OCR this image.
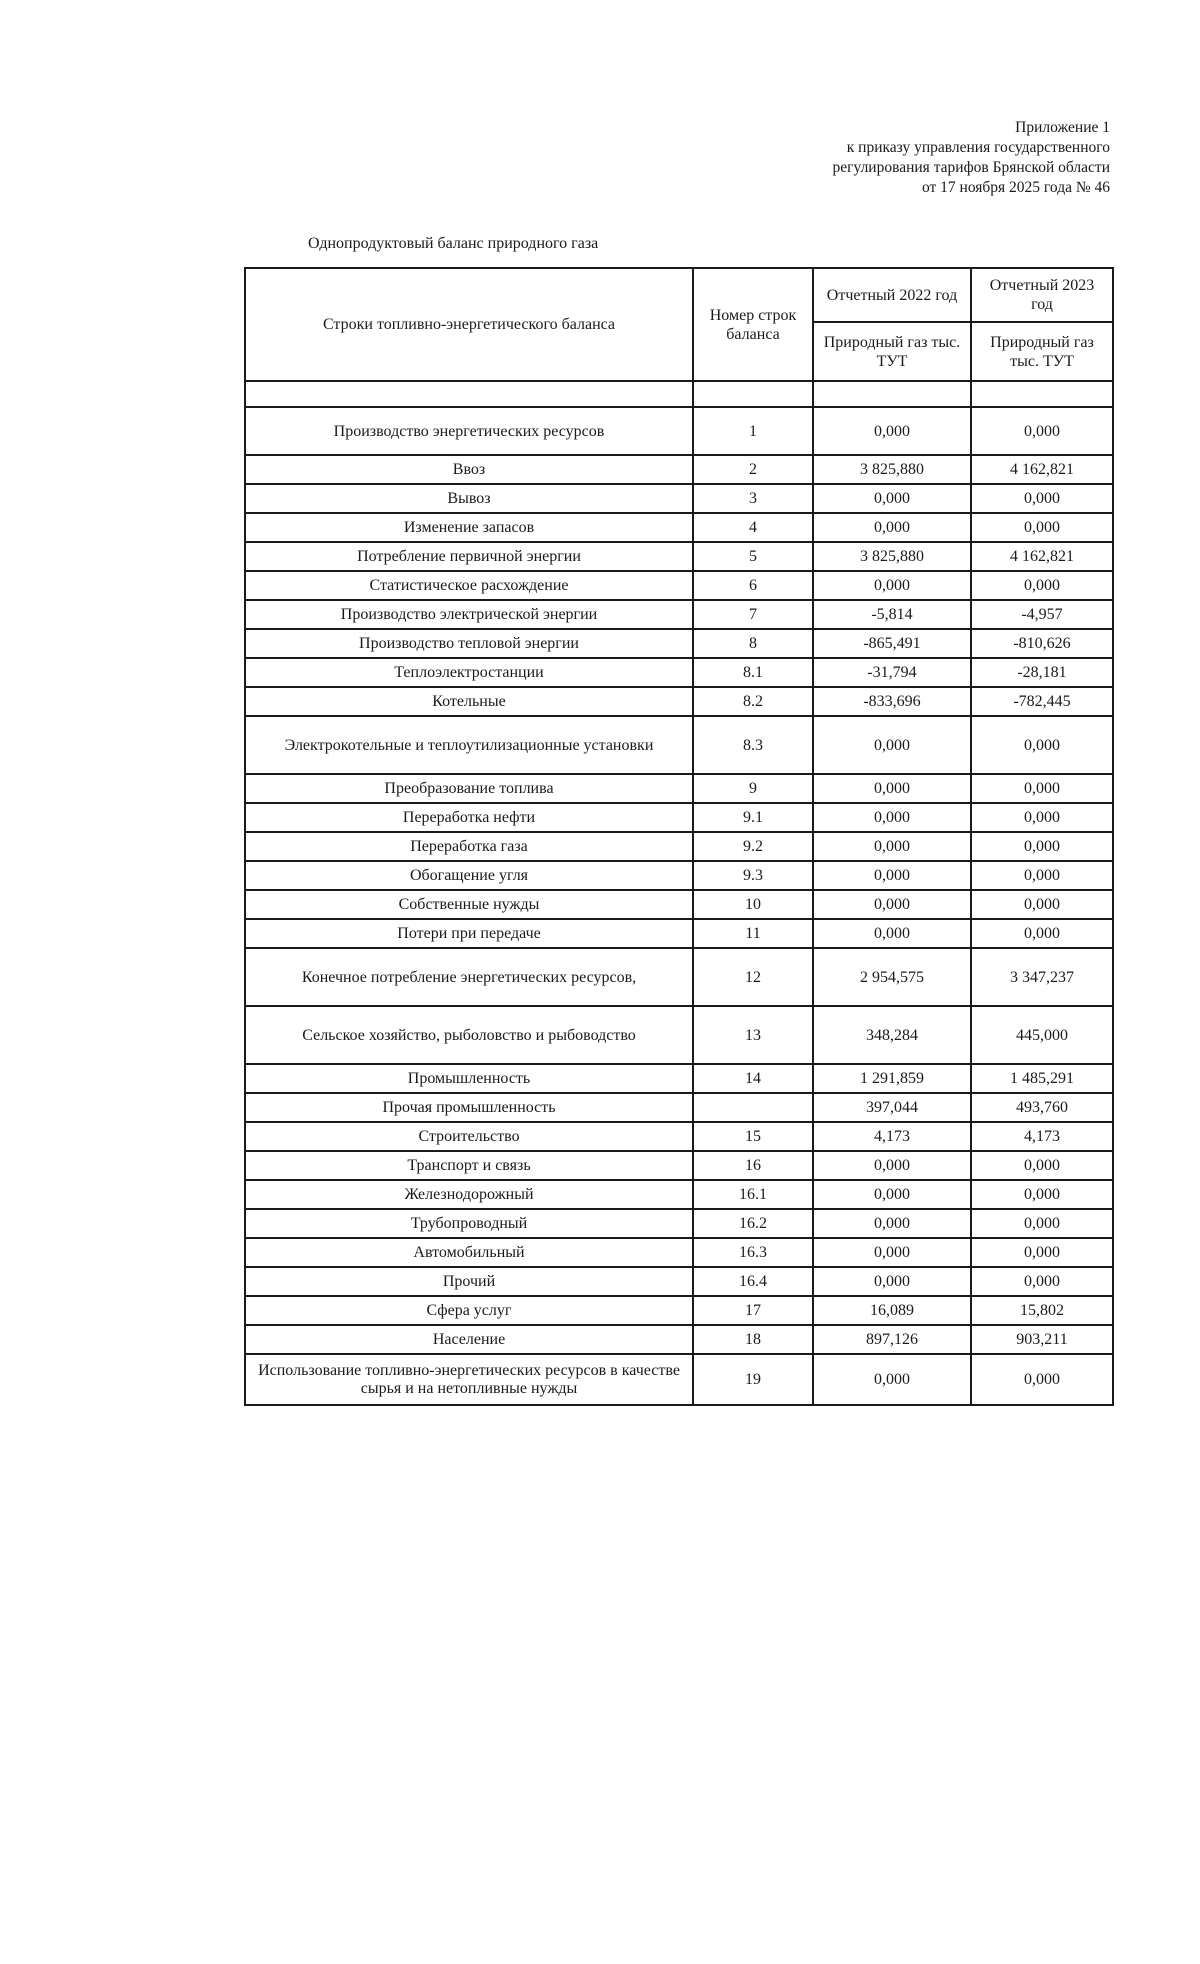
Приложение 1
к приказу управления государственного
регулирования тарифов Брянской области
от 17 ноября 2025 года № 46
Однопродуктовый баланс природного газа
Строки топливно-энергетического баланса	Номер строк баланса	Отчетный 2022 год	Отчетный 2023 год
		Природный газ тыс. ТУТ	Природный газ тыс. ТУТ

Производство энергетических ресурсов	1	0,000	0,000
Ввоз	2	3 825,880	4 162,821
Вывоз	3	0,000	0,000
Изменение запасов	4	0,000	0,000
Потребление первичной энергии	5	3 825,880	4 162,821
Статистическое расхождение	6	0,000	0,000
Производство электрической энергии	7	-5,814	-4,957
Производство тепловой энергии	8	-865,491	-810,626
Теплоэлектростанции	8.1	-31,794	-28,181
Котельные	8.2	-833,696	-782,445
Электрокотельные и теплоутилизационные установки	8.3	0,000	0,000
Преобразование топлива	9	0,000	0,000
Переработка нефти	9.1	0,000	0,000
Переработка газа	9.2	0,000	0,000
Обогащение угля	9.3	0,000	0,000
Собственные нужды	10	0,000	0,000
Потери при передаче	11	0,000	0,000
Конечное потребление энергетических ресурсов,	12	2 954,575	3 347,237
Сельское хозяйство, рыболовство и рыбоводство	13	348,284	445,000
Промышленность	14	1 291,859	1 485,291
Прочая промышленность		397,044	493,760
Строительство	15	4,173	4,173
Транспорт и связь	16	0,000	0,000
Железнодорожный	16.1	0,000	0,000
Трубопроводный	16.2	0,000	0,000
Автомобильный	16.3	0,000	0,000
Прочий	16.4	0,000	0,000
Сфера услуг	17	16,089	15,802
Население	18	897,126	903,211
Использование топливно-энергетических ресурсов в качестве сырья и на нетопливные нужды	19	0,000	0,000
